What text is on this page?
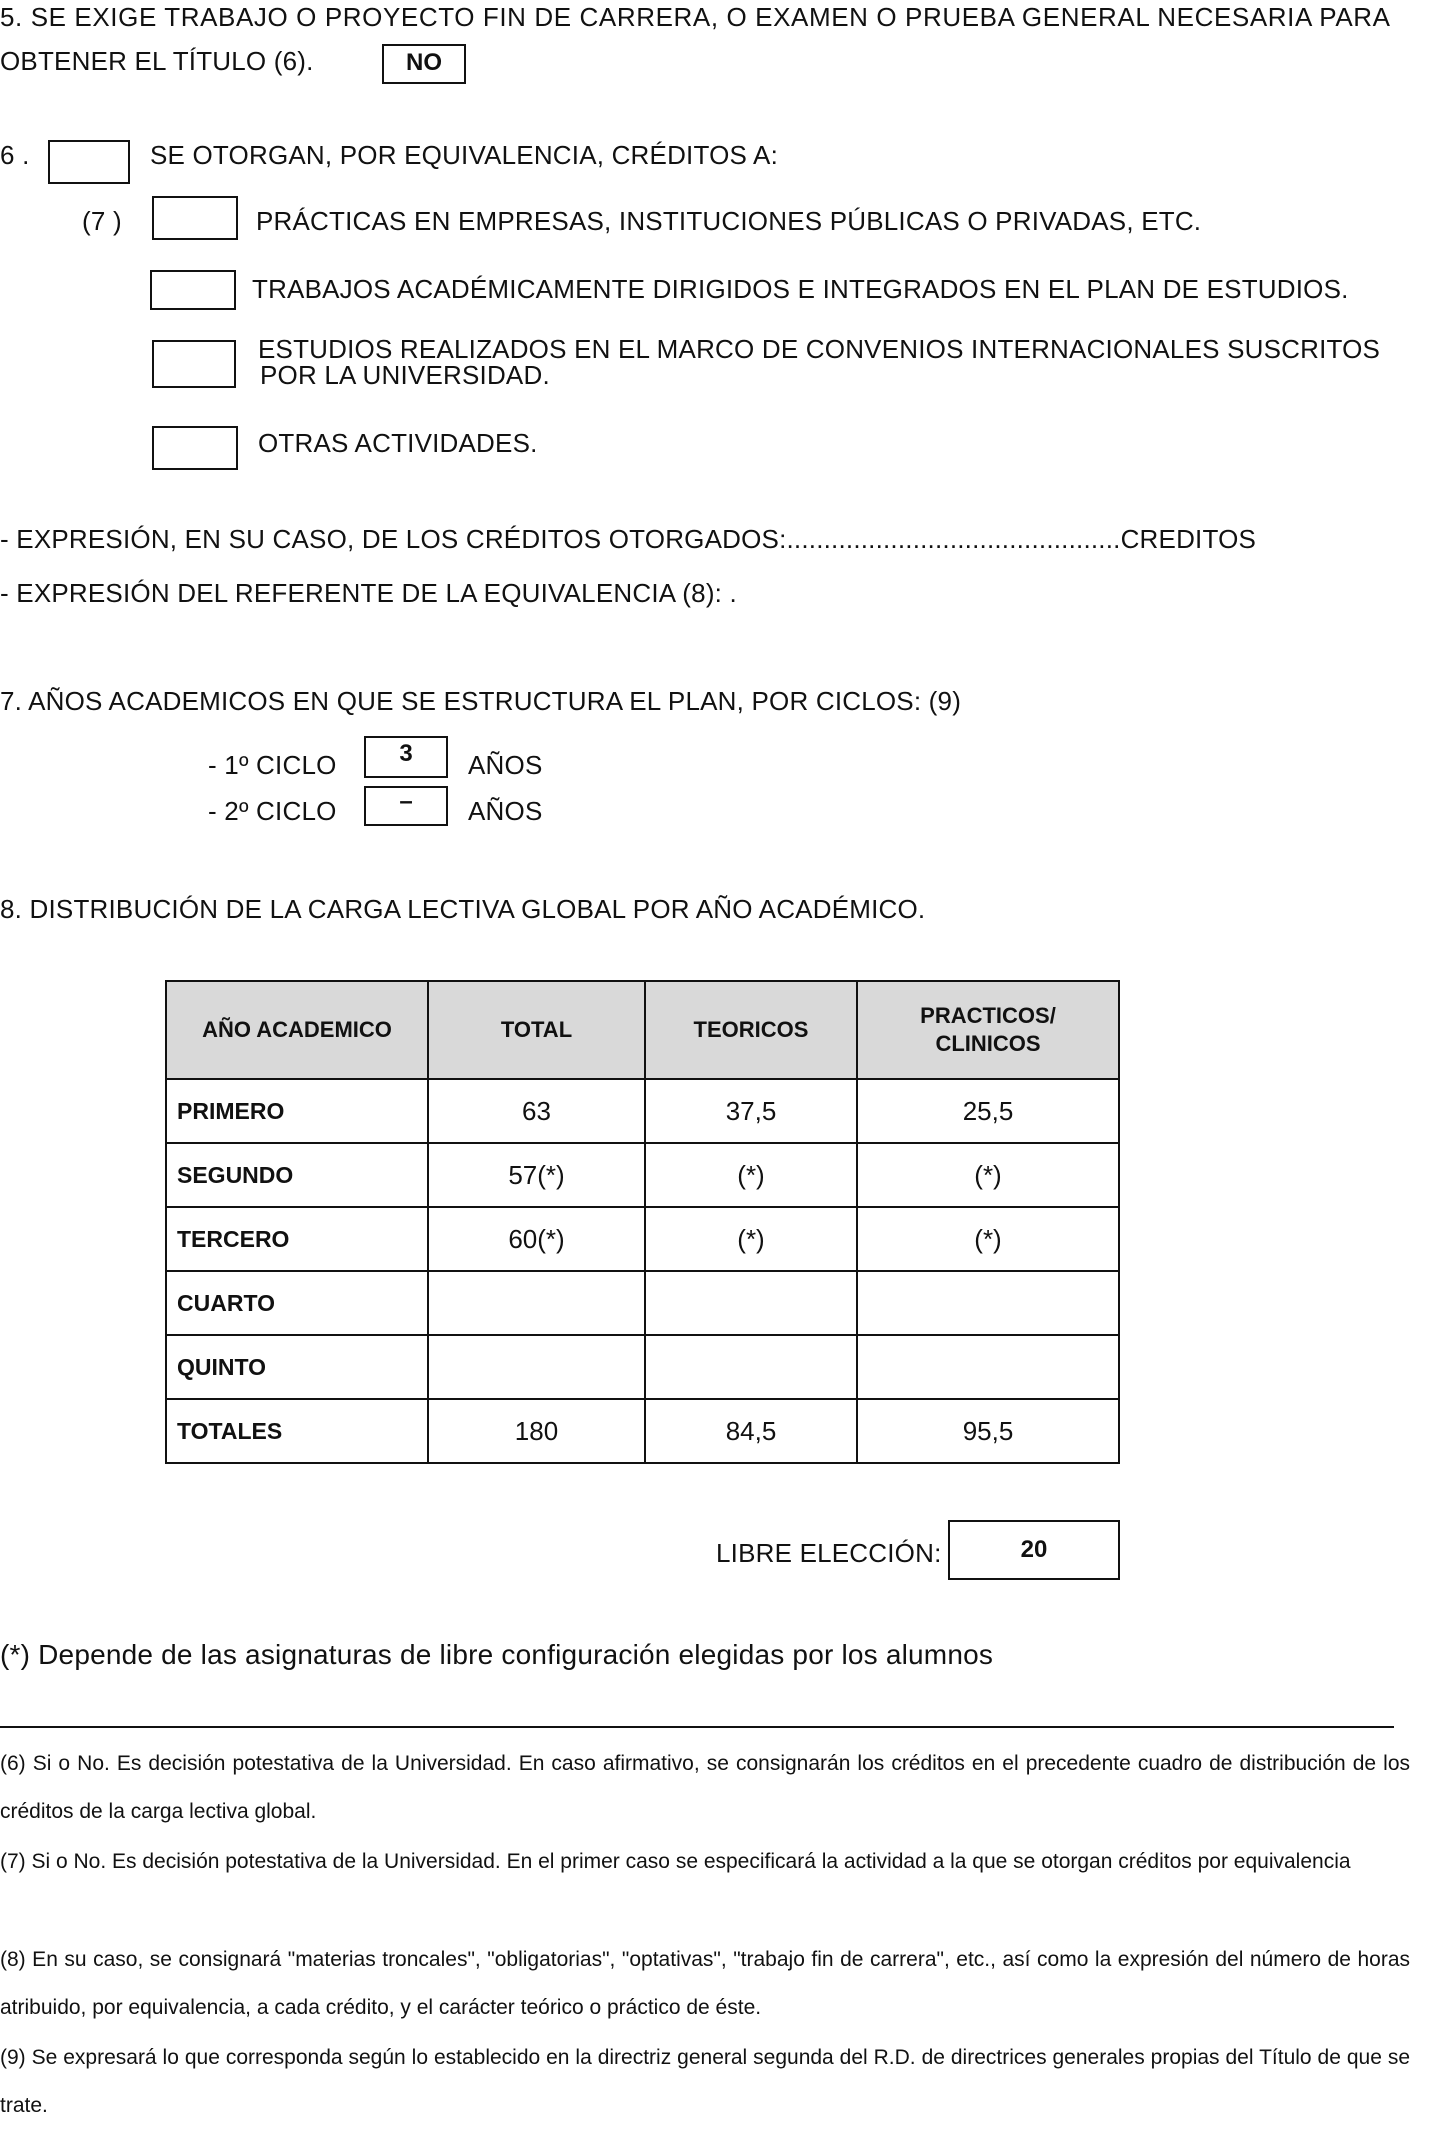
5. SE EXIGE TRABAJO O PROYECTO FIN DE CARRERA, O EXAMEN O PRUEBA GENERAL NECESARIA PARA
OBTENER EL TÍTULO (6).	NO
6 .	SE OTORGAN, POR EQUIVALENCIA, CRÉDITOS A:
(7 )	PRÁCTICAS EN EMPRESAS, INSTITUCIONES PÚBLICAS O PRIVADAS, ETC.
TRABAJOS ACADÉMICAMENTE DIRIGIDOS E INTEGRADOS EN EL PLAN DE ESTUDIOS.
ESTUDIOS REALIZADOS EN EL MARCO DE CONVENIOS INTERNACIONALES SUSCRITOS
POR LA UNIVERSIDAD.
OTRAS ACTIVIDADES.
- EXPRESIÓN, EN SU CASO, DE LOS CRÉDITOS OTORGADOS:.............................................CREDITOS
- EXPRESIÓN DEL REFERENTE DE LA EQUIVALENCIA (8): .
7. AÑOS ACADEMICOS EN QUE SE ESTRUCTURA EL PLAN, POR CICLOS: (9)
- 1º CICLO	3	AÑOS
- 2º CICLO	–	AÑOS
8. DISTRIBUCIÓN DE LA CARGA LECTIVA GLOBAL POR AÑO ACADÉMICO.
AÑO ACADEMICO	TOTAL	TEORICOS	PRACTICOS/
CLINICOS

PRIMERO	63	37,5	25,5
SEGUNDO	57(*)	(*)	(*)
TERCERO	60(*)	(*)	(*)
CUARTO			
QUINTO			
TOTALES	180	84,5	95,5
LIBRE ELECCIÓN:	20
(*) Depende de las asignaturas de libre configuración elegidas por los alumnos
(6) Si o No. Es decisión potestativa de la Universidad. En caso afirmativo, se consignarán los créditos en el precedente cuadro de distribución de los créditos de la carga lectiva global.
(7) Si o No. Es decisión potestativa de la Universidad. En el primer caso se especificará la actividad a la que se otorgan créditos por equivalencia
(8) En su caso, se consignará "materias troncales", "obligatorias", "optativas", "trabajo fin de carrera", etc., así como la expresión del número de horas atribuido, por equivalencia, a cada crédito, y el carácter teórico o práctico de éste.
(9) Se expresará lo que corresponda según lo establecido en la directriz general segunda del R.D. de directrices generales propias del Título de que se trate.
